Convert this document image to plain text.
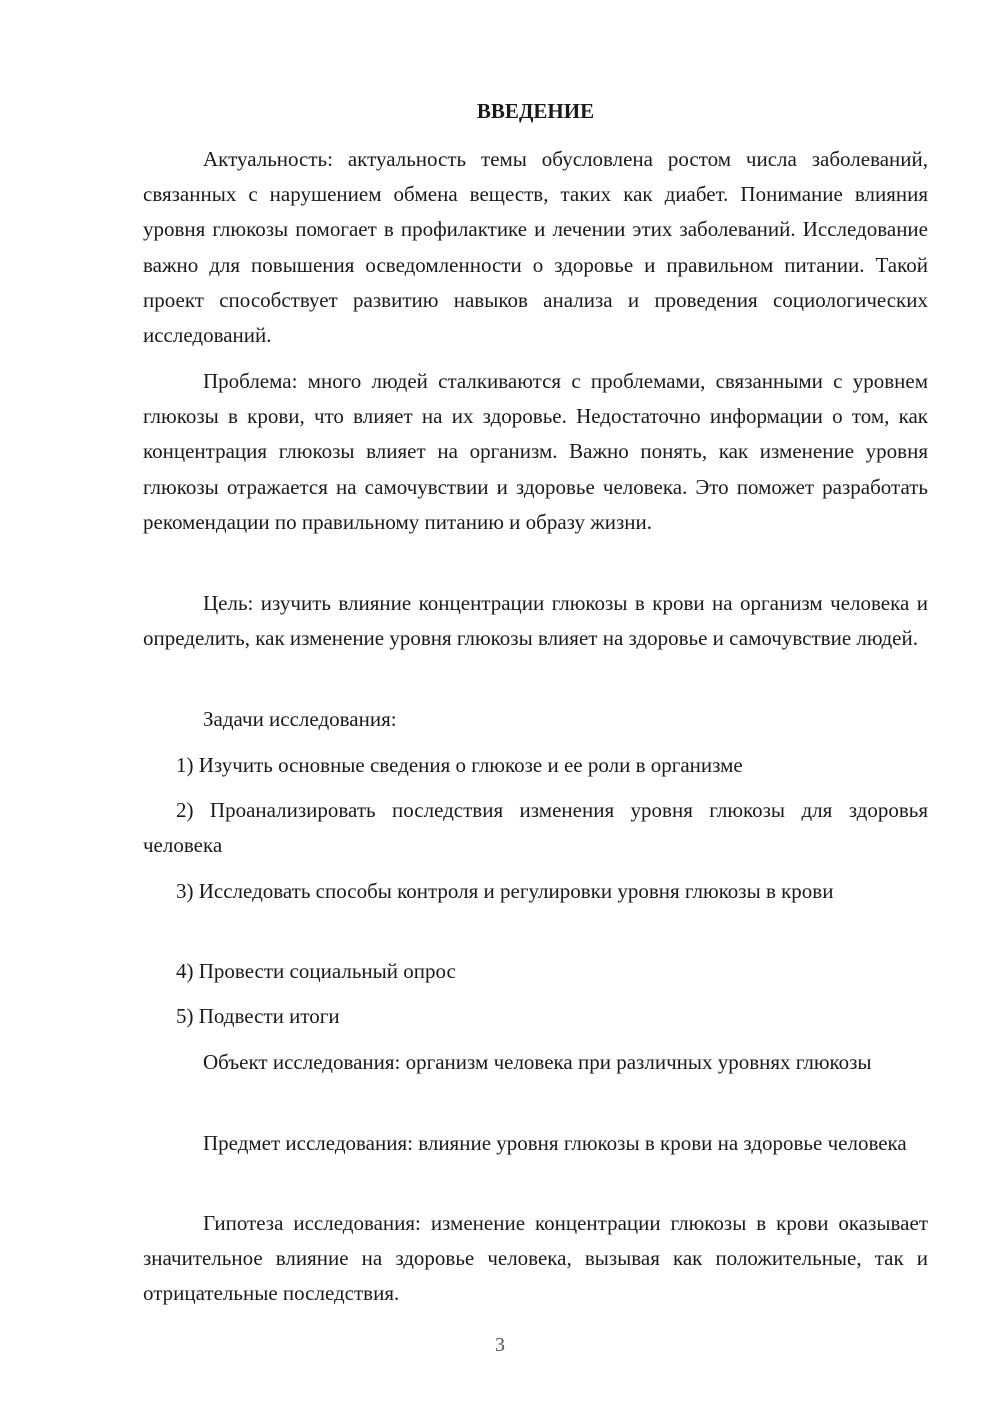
ВВЕДЕНИЕ

Актуальность: актуальность темы обусловлена ростом числа заболеваний, связанных с нарушением обмена веществ, таких как диабет. Понимание влияния уровня глюкозы помогает в профилактике и лечении этих заболеваний. Исследование важно для повышения осведомленности о здоровье и правильном питании. Такой проект способствует развитию навыков анализа и проведения социологических исследований.

Проблема: много людей сталкиваются с проблемами, связанными с уровнем глюкозы в крови, что влияет на их здоровье. Недостаточно информации о том, как концентрация глюкозы влияет на организм. Важно понять, как изменение уровня глюкозы отражается на самочувствии и здоровье человека. Это поможет разработать рекомендации по правильному питанию и образу жизни.

Цель: изучить влияние концентрации глюкозы в крови на организм человека и определить, как изменение уровня глюкозы влияет на здоровье и самочувствие людей.

Задачи исследования:

1) Изучить основные сведения о глюкозе и ее роли в организме

2) Проанализировать последствия изменения уровня глюкозы для здоровья человека

3) Исследовать способы контроля и регулировки уровня глюкозы в крови

4) Провести социальный опрос

5) Подвести итоги

Объект исследования: организм человека при различных уровнях глюкозы

Предмет исследования: влияние уровня глюкозы в крови на здоровье человека

Гипотеза исследования: изменение концентрации глюкозы в крови оказывает значительное влияние на здоровье человека, вызывая как положительные, так и отрицательные последствия.

3
